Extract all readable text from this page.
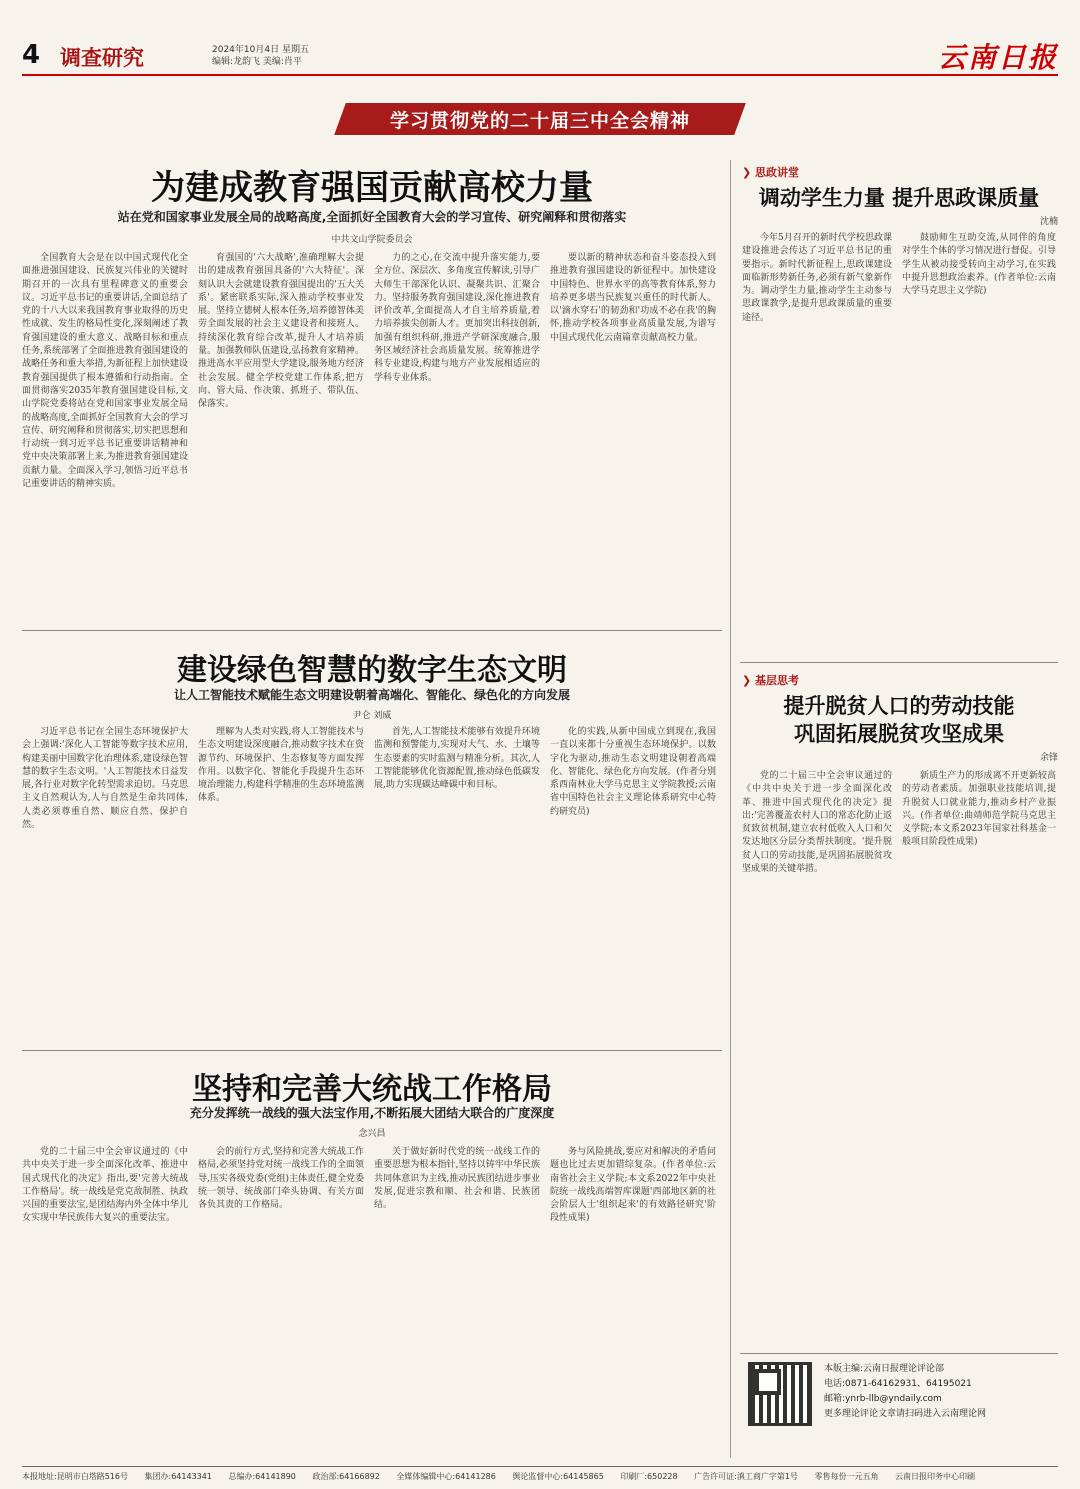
4 调查研究	2024年10月4日 星期五
编辑:龙韵飞 美编:肖平	云南日报
学习贯彻党的二十届三中全会精神
为建成教育强国贡献高校力量
站在党和国家事业发展全局的战略高度,全面抓好全国教育大会的学习宣传、研究阐释和贯彻落实
中共文山学院委员会

全国教育大会是在以中国式现代化全面推进强国建设、民族复兴伟业的关键时期召开的一次具有里程碑意义的重要会议。习近平总书记的重要讲话,全面总结了党的十八大以来我国教育事业取得的历史性成就、发生的格局性变化,深刻阐述了教育强国建设的重大意义、战略目标和重点任务,系统部署了全面推进教育强国建设的战略任务和重大举措,为新征程上加快建设教育强国提供了根本遵循和行动指南。全面贯彻落实2035年教育强国建设目标,文山学院党委将站在党和国家事业发展全局的战略高度,全面抓好全国教育大会的学习宣传、研究阐释和贯彻落实,切实把思想和行动统一到习近平总书记重要讲话精神和党中央决策部署上来,为推进教育强国建设贡献力量。全面深入学习,领悟习近平总书记重要讲话的精神实质。

育强国的'六大战略',准确理解大会提出的建成教育强国具备的'六大特征'。深刻认识大会就建设教育强国提出的'五大关系'。紧密联系实际,深入推动学校事业发展。坚持立德树人根本任务,培养德智体美劳全面发展的社会主义建设者和接班人。持续深化教育综合改革,提升人才培养质量。加强教师队伍建设,弘扬教育家精神。推进高水平应用型大学建设,服务地方经济社会发展。健全学校党建工作体系,把方向、管大局、作决策、抓班子、带队伍、保落实。

力的之心,在交流中提升落实能力,要全方位、深层次、多角度宣传解读,引导广大师生干部深化认识、凝聚共识、汇聚合力。坚持服务教育强国建设,深化推进教育评价改革,全面提高人才自主培养质量,着力培养拔尖创新人才。更加突出科技创新,加强有组织科研,推进产学研深度融合,服务区域经济社会高质量发展。统筹推进学科专业建设,构建与地方产业发展相适应的学科专业体系。

要以新的精神状态和奋斗姿态投入到推进教育强国建设的新征程中。加快建设中国特色、世界水平的高等教育体系,努力培养更多堪当民族复兴重任的时代新人。以'滴水穿石'的韧劲和'功成不必在我'的胸怀,推动学校各项事业高质量发展,为谱写中国式现代化云南篇章贡献高校力量。

建设绿色智慧的数字生态文明
让人工智能技术赋能生态文明建设朝着高端化、智能化、绿色化的方向发展
尹仑 刘威

习近平总书记在全国生态环境保护大会上强调:'深化人工智能等数字技术应用,构建美丽中国数字化治理体系,建设绿色智慧的数字生态文明。'人工智能技术日益发展,各行业对数字化转型需求迫切。马克思主义自然观认为,人与自然是生命共同体,人类必须尊重自然、顺应自然、保护自然。

理解为人类对实践,将人工智能技术与生态文明建设深度融合,推动数字技术在资源节约、环境保护、生态修复等方面发挥作用。以数字化、智能化手段提升生态环境治理能力,构建科学精准的生态环境监测体系。

首先,人工智能技术能够有效提升环境监测和预警能力,实现对大气、水、土壤等生态要素的实时监测与精准分析。其次,人工智能能够优化资源配置,推动绿色低碳发展,助力实现碳达峰碳中和目标。

化的实践,从新中国成立到现在,我国一直以来都十分重视生态环境保护。以数字化为驱动,推动生态文明建设朝着高端化、智能化、绿色化方向发展。(作者分别系西南林业大学马克思主义学院教授;云南省中国特色社会主义理论体系研究中心特约研究员)

坚持和完善大统战工作格局
充分发挥统一战线的强大法宝作用,不断拓展大团结大联合的广度深度
念兴昌

党的二十届三中全会审议通过的《中共中央关于进一步全面深化改革、推进中国式现代化的决定》指出,要'完善大统战工作格局'。统一战线是党克敌制胜、执政兴国的重要法宝,是团结海内外全体中华儿女实现中华民族伟大复兴的重要法宝。

会的前行方式,坚持和完善大统战工作格局,必须坚持党对统一战线工作的全面领导,压实各级党委(党组)主体责任,健全党委统一领导、统战部门牵头协调、有关方面各负其责的工作格局。

关于做好新时代党的统一战线工作的重要思想为根本指针,坚持以铸牢中华民族共同体意识为主线,推动民族团结进步事业发展,促进宗教和顺、社会和谐、民族团结。

务与风险挑战,要应对和解决的矛盾问题也比过去更加错综复杂。(作者单位:云南省社会主义学院;本文系2022年中央社院统一战线高端智库课题'西部地区新的社会阶层人士'组织起来'的有效路径研究'阶段性成果)

❯ 思政讲堂
调动学生力量 提升思政课质量
沈楠

今年5月召开的新时代学校思政课建设推进会传达了习近平总书记的重要指示。新时代新征程上,思政课建设面临新形势新任务,必须有新气象新作为。调动学生力量,推动学生主动参与思政课教学,是提升思政课质量的重要途径。

鼓励师生互助交流,从同伴的角度对学生个体的学习情况进行督促。引导学生从被动接受转向主动学习,在实践中提升思想政治素养。(作者单位:云南大学马克思主义学院)

❯ 基层思考
提升脱贫人口的劳动技能
巩固拓展脱贫攻坚成果
余锋

党的二十届三中全会审议通过的《中共中央关于进一步全面深化改革、推进中国式现代化的决定》提出:'完善覆盖农村人口的常态化防止返贫致贫机制,建立农村低收入人口和欠发达地区分层分类帮扶制度。'提升脱贫人口的劳动技能,是巩固拓展脱贫攻坚成果的关键举措。

新质生产力的形成离不开更新较高的劳动者素质。加强职业技能培训,提升脱贫人口就业能力,推动乡村产业振兴。(作者单位:曲靖师范学院马克思主义学院;本文系2023年国家社科基金一般项目阶段性成果)

本版主编:云南日报理论评论部
电话:0871-64162931、64195021
邮箱:ynrb-llb@yndaily.com
更多理论评论文章请扫码进入云南理论网
本报地址:昆明市白塔路516号 集团办:64143341 总编办:64141890 政治部:64166892 全媒体编辑中心:64141286 舆论监督中心:64145865 印刷厂:650228 广告许可证:滇工商广字第1号 零售每份一元五角 云南日报印务中心印刷
